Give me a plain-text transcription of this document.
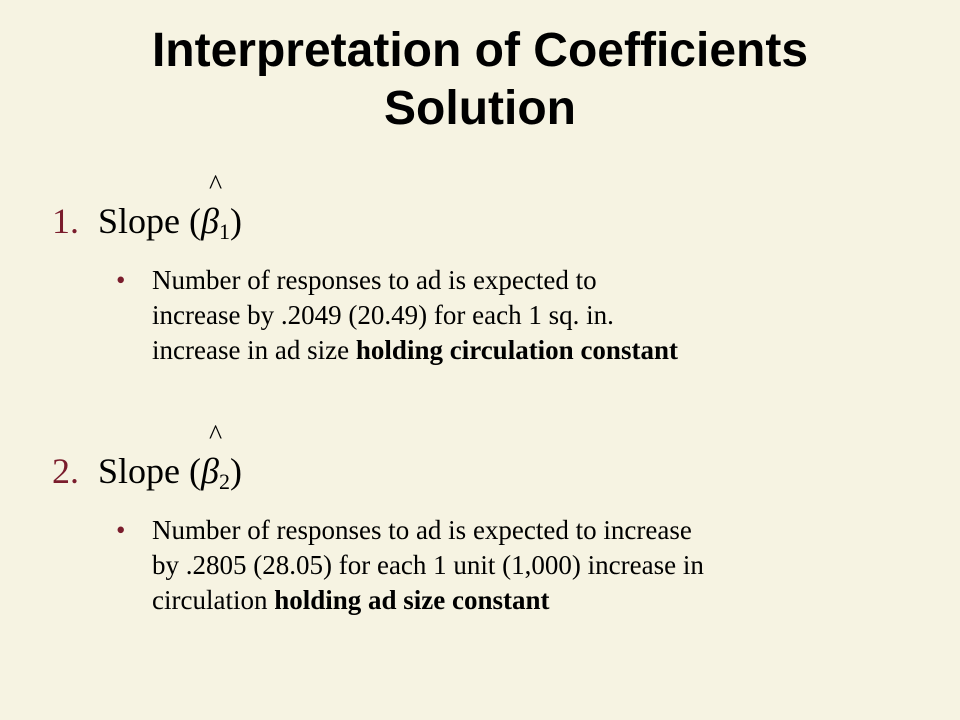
Interpretation of Coefficients
Solution
1. Slope (
^
$\beta_1$)
• Number of responses to ad is expected to
increase by .2049 (20.49) for each 1 sq. in.
increase in ad size holding circulation constant
2. Slope (
^
$\beta_2$)
• Number of responses to ad is expected to increase
by .2805 (28.05) for each 1 unit (1,000) increase in
circulation holding ad size constant
